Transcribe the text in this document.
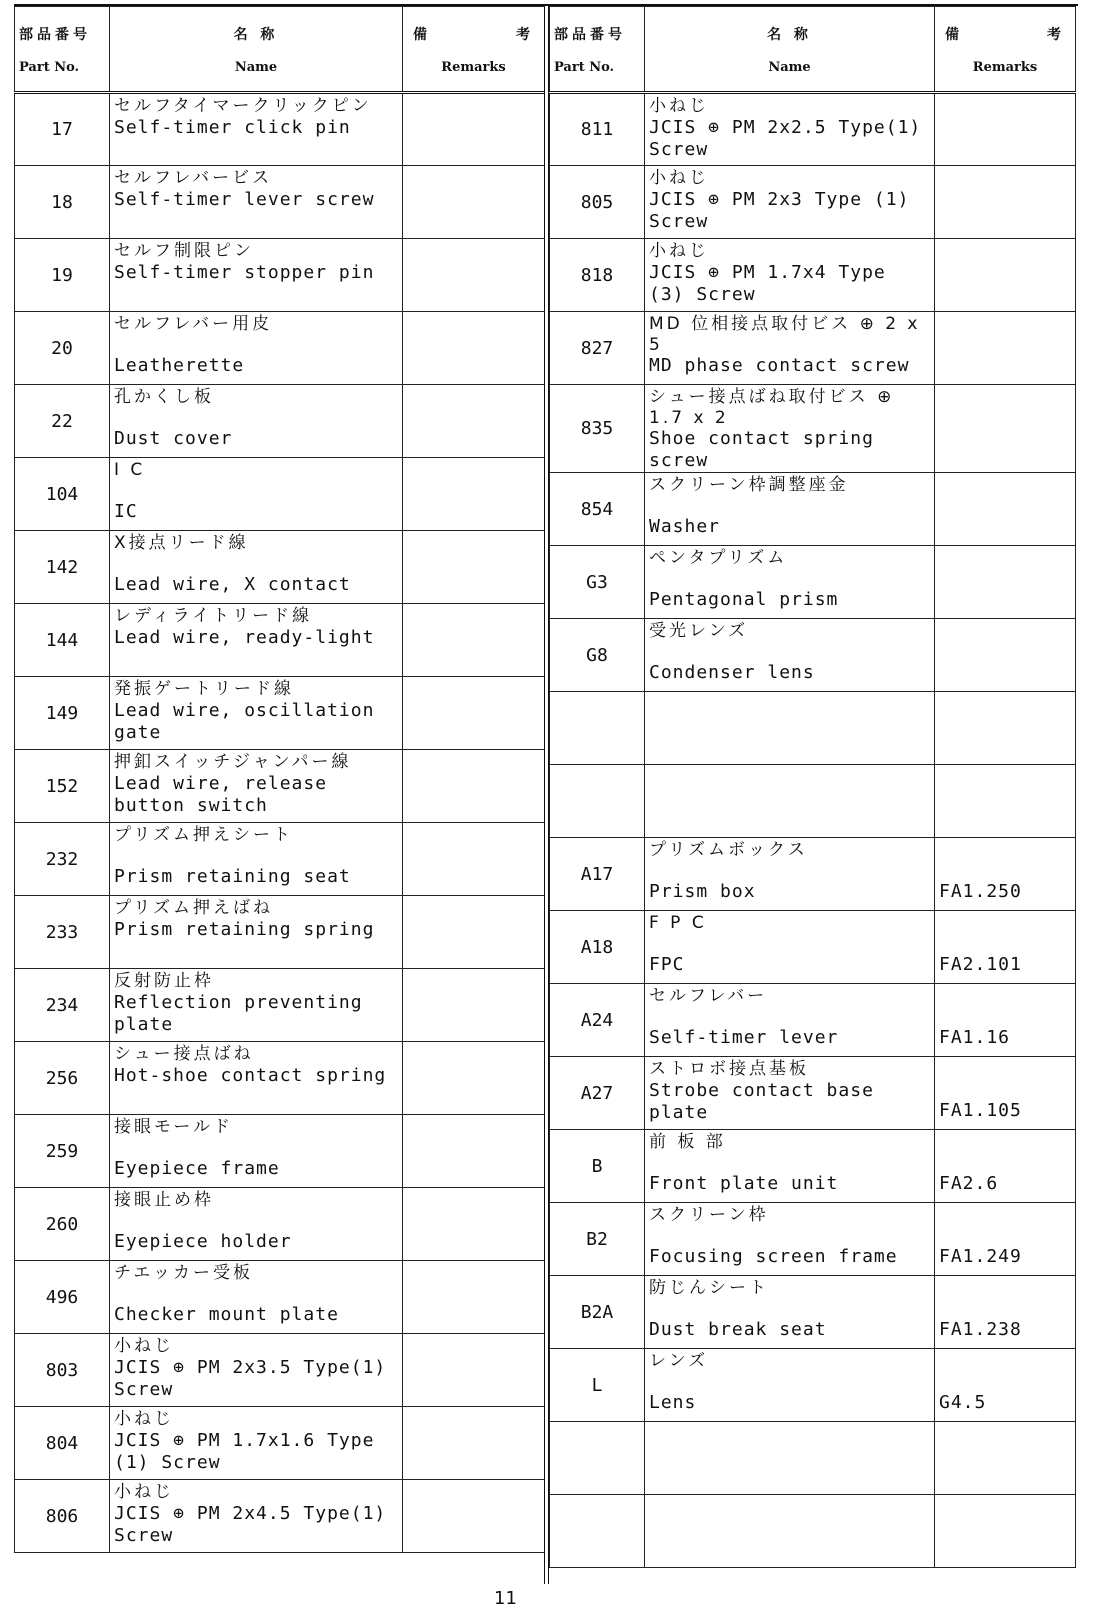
部品番号
Part No.	名 称
Name	備 考
Remarks

17	セルフタイマークリックピン
Self-timer click pin	

18	セルフレバービス
Self-timer lever screw	

19	セルフ制限ピン
Self-timer stopper pin	

20	セルフレバー用皮
Leatherette	

22	孔かくし板
Dust cover	

104	I C
IC	

142	X接点リード線
Lead wire, X contact	

144	レディライトリード線
Lead wire, ready-light	

149	発振ゲートリード線
Lead wire, oscillation gate	

152	押釦スイッチジャンパー線
Lead wire, release button switch	

232	プリズム押えシート
Prism retaining seat	

233	プリズム押えばね
Prism retaining spring	

234	反射防止枠
Reflection preventing plate	

256	シュー接点ばね
Hot-shoe contact spring	

259	接眼モールド
Eyepiece frame	

260	接眼止め枠
Eyepiece holder	

496	チエッカー受板
Checker mount plate	

803	小ねじ
JCIS ⊕ PM 2x3.5 Type(1) Screw	

804	小ねじ
JCIS ⊕ PM 1.7x1.6 Type (1) Screw	

806	小ねじ
JCIS ⊕ PM 2x4.5 Type(1) Screw	

部品番号
Part No.	名 称
Name	備 考
Remarks

811	小ねじ
JCIS ⊕ PM 2x2.5 Type(1) Screw	

805	小ねじ
JCIS ⊕ PM 2x3 Type (1) Screw	

818	小ねじ
JCIS ⊕ PM 1.7x4 Type (3) Screw	

827	MD 位相接点取付ビス ⊕ 2 x 5
MD phase contact screw	

835	シュー接点ばね取付ビス ⊕ 1.7 x 2
Shoe contact spring screw	

854	スクリーン枠調整座金
Washer	

G3	ペンタプリズム
Pentagonal prism	

G8	受光レンズ
Condenser lens	

A17	プリズムボックス
Prism box	FA1.250
A18	F P C
FPC	FA2.101
A24	セルフレバー
Self-timer lever	FA1.16
A27	ストロボ接点基板
Strobe contact base plate	FA1.105
B	前 板 部
Front plate unit	FA2.6
B2	スクリーン枠
Focusing screen frame	FA1.249
B2A	防じんシート
Dust break seat	FA1.238
L	レンズ
Lens	G4.5

11
